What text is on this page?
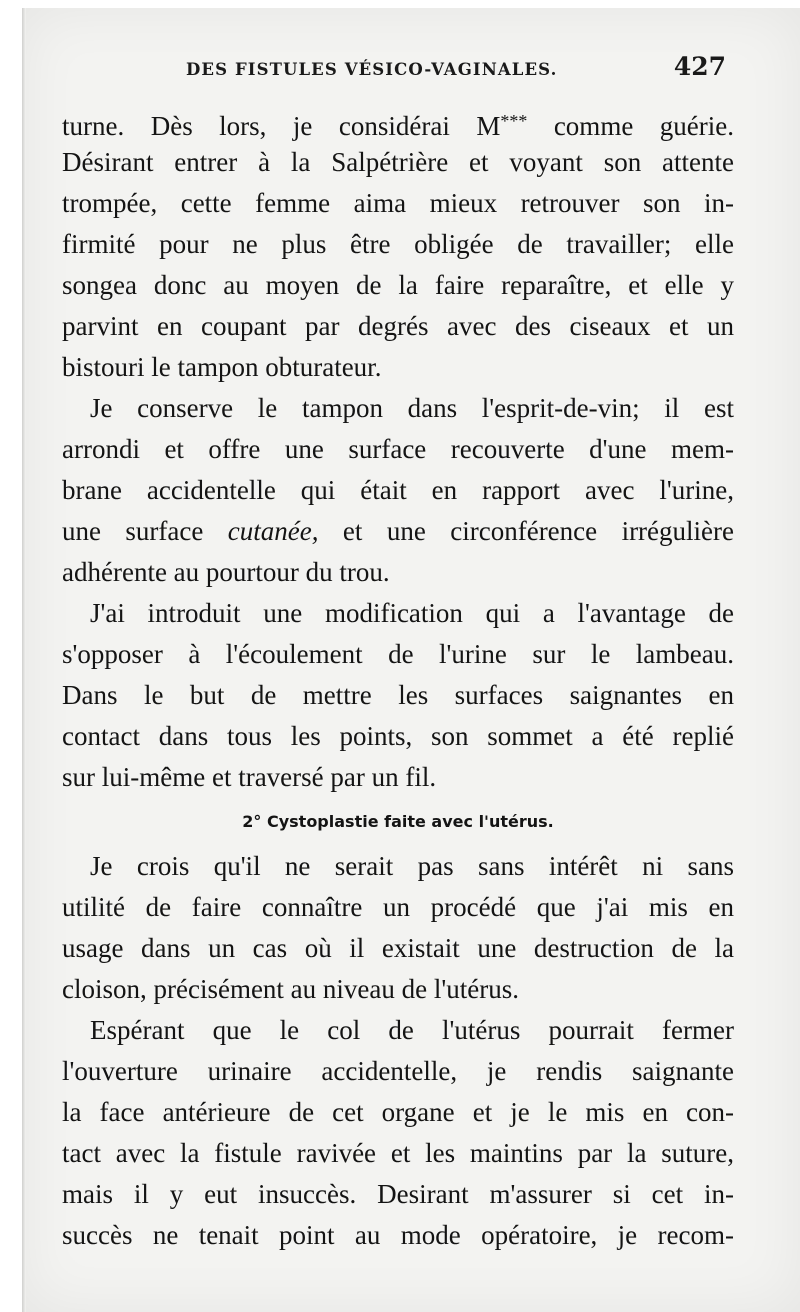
DES FISTULES VÉSICO-VAGINALES.	427
turne. Dès lors, je considérai M*** comme guérie.
Désirant entrer à la Salpétrière et voyant son attente
trompée, cette femme aima mieux retrouver son in-
firmité pour ne plus être obligée de travailler; elle
songea donc au moyen de la faire reparaître, et elle y
parvint en coupant par degrés avec des ciseaux et un
bistouri le tampon obturateur.
Je conserve le tampon dans l'esprit-de-vin; il est
arrondi et offre une surface recouverte d'une mem-
brane accidentelle qui était en rapport avec l'urine,
une surface cutanée, et une circonférence irrégulière
adhérente au pourtour du trou.
J'ai introduit une modification qui a l'avantage de
s'opposer à l'écoulement de l'urine sur le lambeau.
Dans le but de mettre les surfaces saignantes en
contact dans tous les points, son sommet a été replié
sur lui-même et traversé par un fil.
2° Cystoplastie faite avec l'utérus.
Je crois qu'il ne serait pas sans intérêt ni sans
utilité de faire connaître un procédé que j'ai mis en
usage dans un cas où il existait une destruction de la
cloison, précisément au niveau de l'utérus.
Espérant que le col de l'utérus pourrait fermer
l'ouverture urinaire accidentelle, je rendis saignante
la face antérieure de cet organe et je le mis en con-
tact avec la fistule ravivée et les maintins par la suture,
mais il y eut insuccès. Desirant m'assurer si cet in-
succès ne tenait point au mode opératoire, je recom-
